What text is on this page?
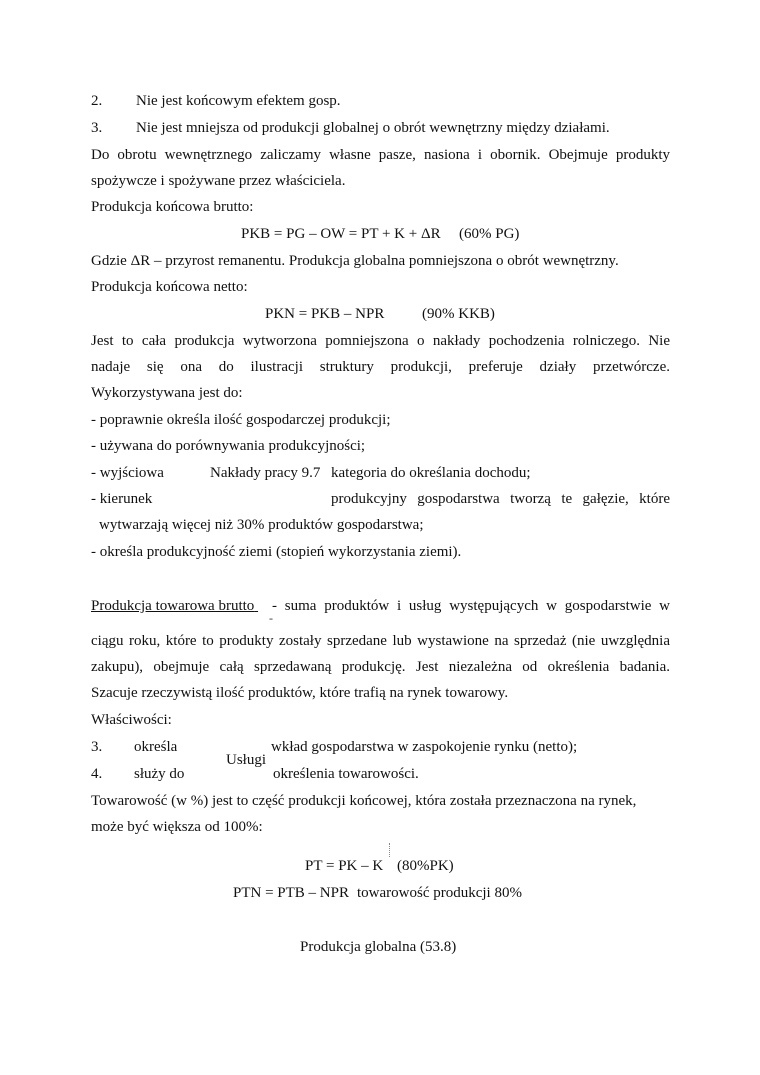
2. Nie jest końcowym efektem gosp.
3. Nie jest mniejsza od produkcji globalnej o obrót wewnętrzny między działami.
Do obrotu wewnętrznego zaliczamy własne pasze, nasiona i obornik. Obejmuje produkty
spożywcze i spożywane przez właściciela.
Produkcja końcowa brutto:
PKB = PG – OW = PT + K + ΔR (60% PG)
Gdzie ΔR – przyrost remanentu. Produkcja globalna pomniejszona o obrót wewnętrzny.
Produkcja końcowa netto:
PKN = PKB – NPR	(90% KKB)
Jest to cała produkcja wytworzona pomniejszona o nakłady pochodzenia rolniczego. Nie
nadaje się ona do ilustracji struktury produkcji, preferuje działy przetwórcze.
Wykorzystywana jest do:
- poprawnie określa ilość gospodarczej produkcji;
- używana do porównywania produkcyjności;
- wyjściowa	Nakłady pracy 9.7 kategoria do określania dochodu;
- kierunek	produkcyjny gospodarstwa tworzą te gałęzie, które
wytwarzają więcej niż 30% produktów gospodarstwa;
- określa produkcyjność ziemi (stopień wykorzystania ziemi).
Produkcja towarowa brutto - suma produktów i usług występujących w gospodarstwie w
-
ciągu roku, które to produkty zostały sprzedane lub wystawione na sprzedaż (nie uwzględnia
zakupu), obejmuje całą sprzedawaną produkcję. Jest niezależna od określenia badania.
Szacuje rzeczywistą ilość produktów, które trafią na rynek towarowy.
Właściwości:
3. określa	wkład gospodarstwa w zaspokojenie rynku (netto);
Usługi
4. służy do	określenia towarowości.
Towarowość (w %) jest to część produkcji końcowej, która została przeznaczona na rynek,
może być większa od 100%:
PT = PK – K (80%PK)
PTN = PTB – NPR towarowość produkcji 80%
Produkcja globalna (53.8)
